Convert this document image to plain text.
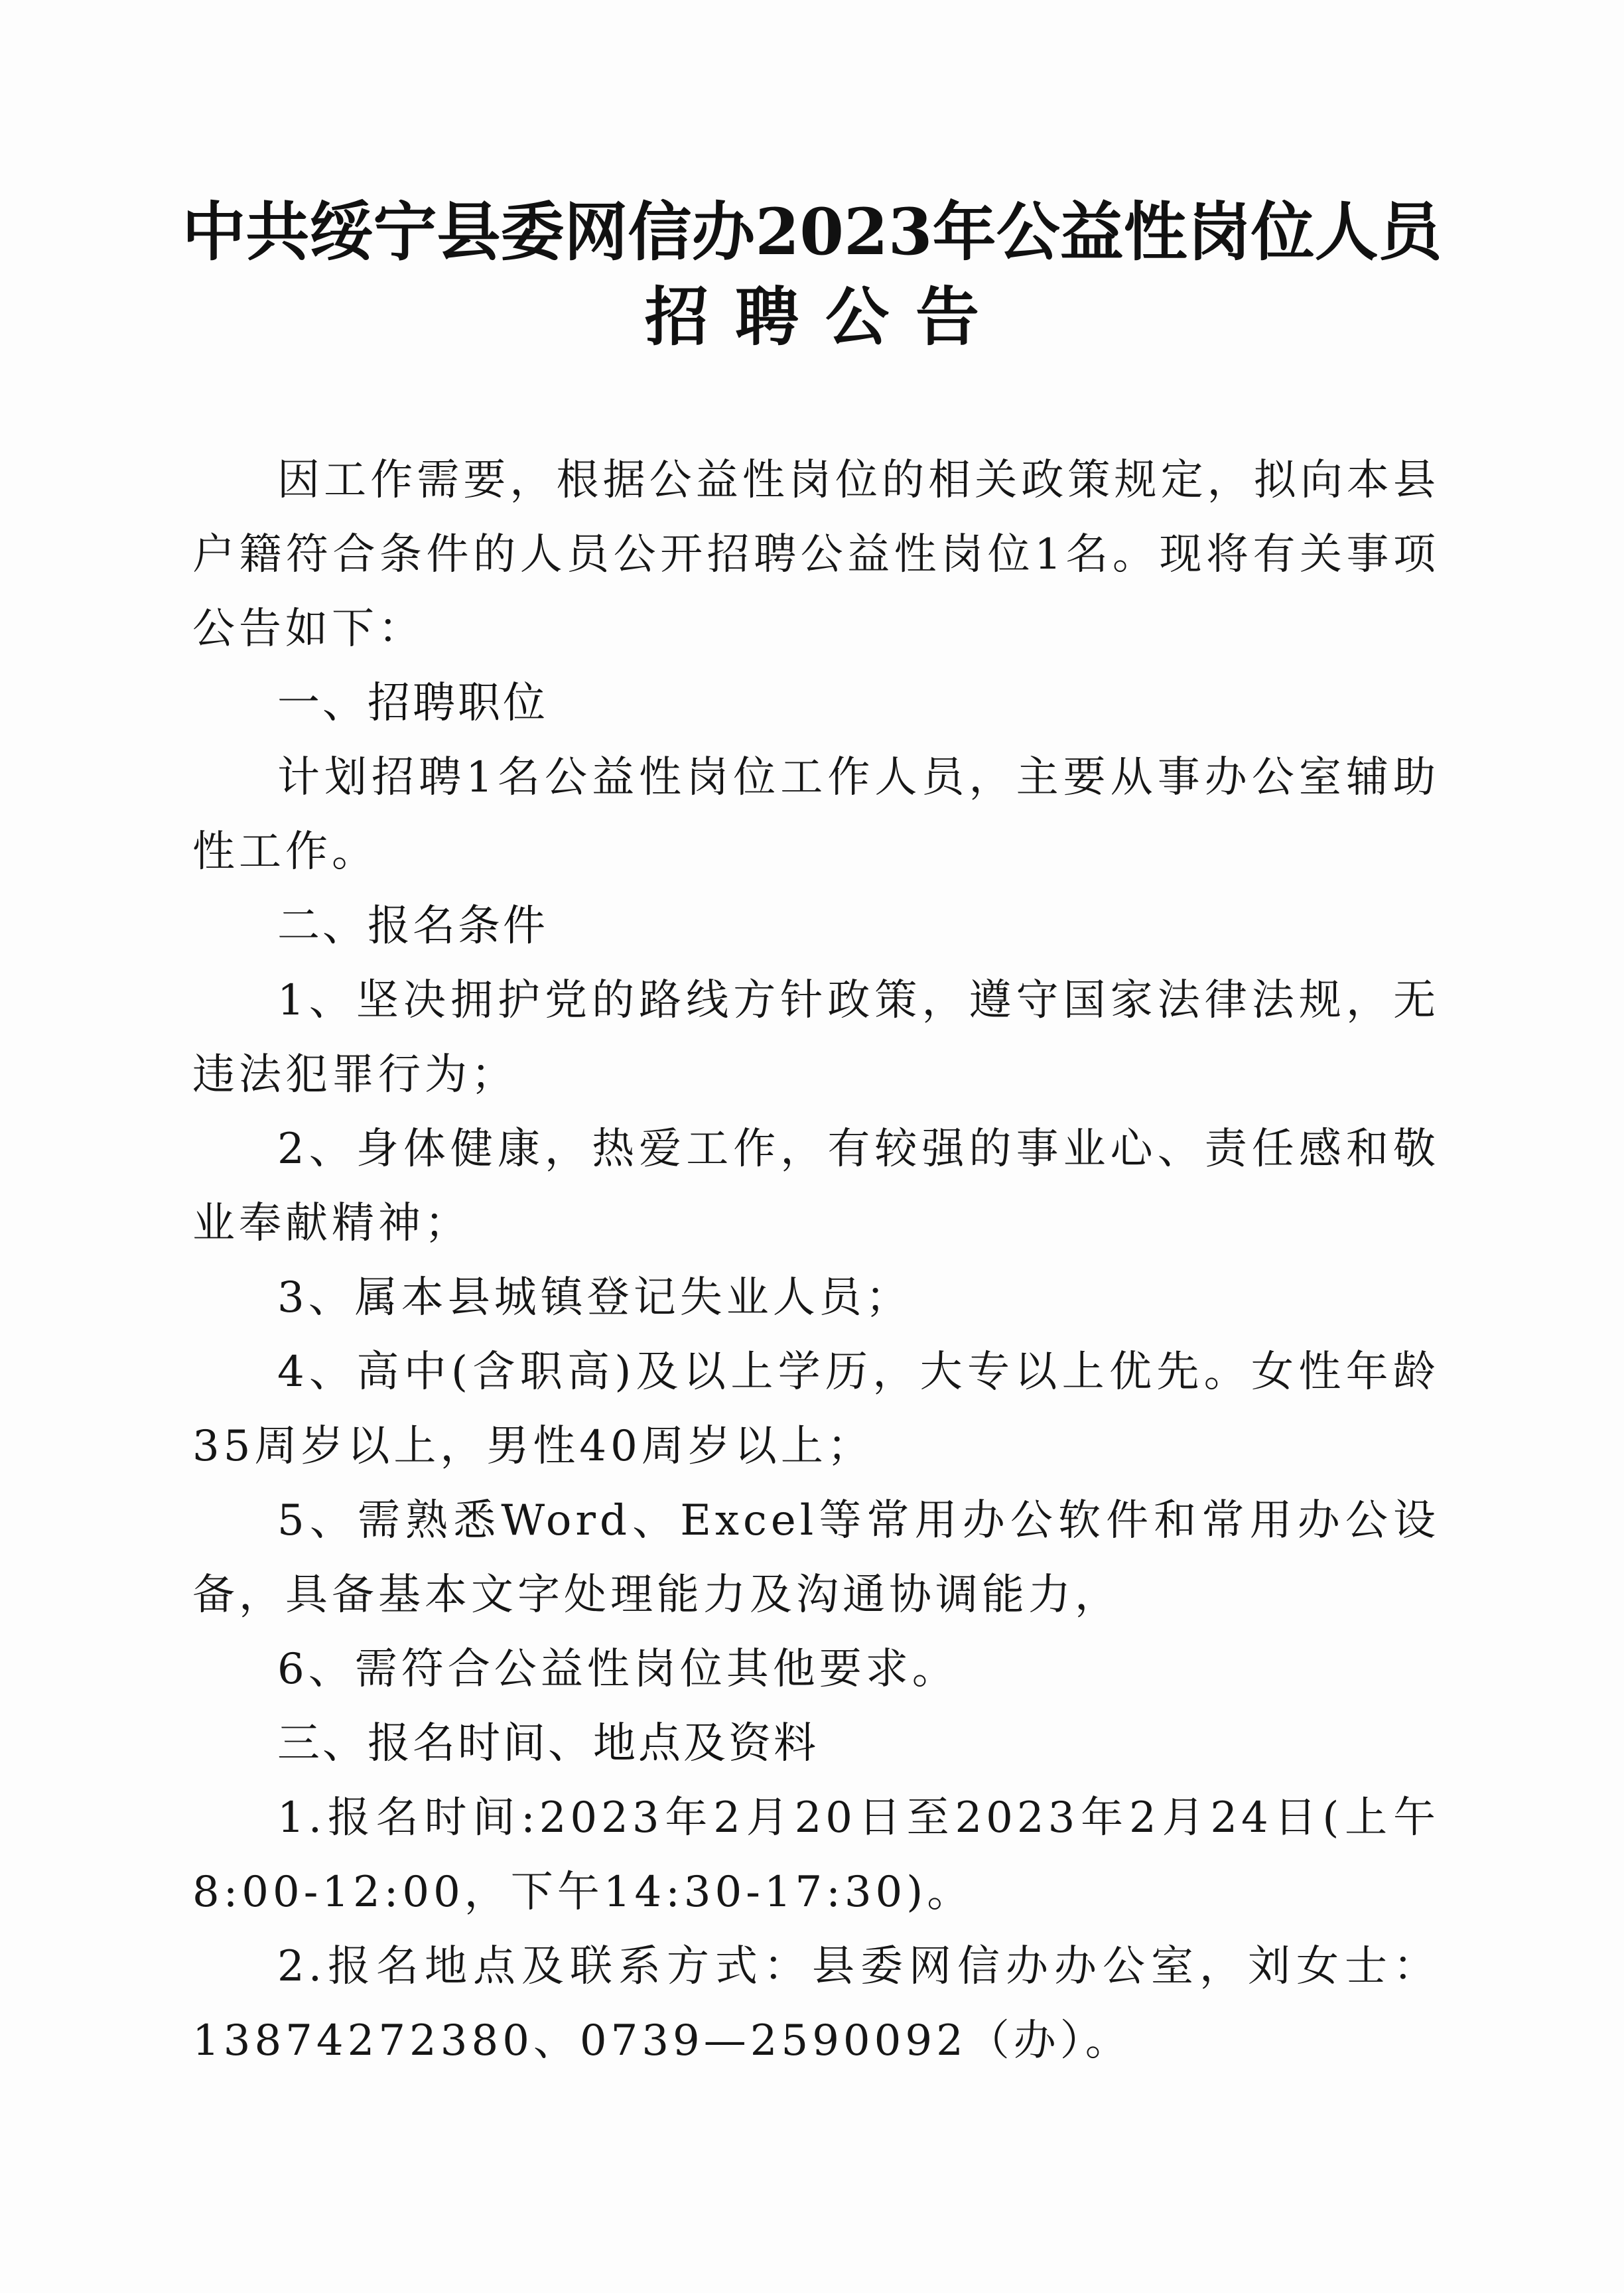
中共绥宁县委网信办2023年公益性岗位人员
招聘公告

因工作需要，根据公益性岗位的相关政策规定，拟向本县户籍符合条件的人员公开招聘公益性岗位1名。现将有关事项公告如下：

一、招聘职位

计划招聘1名公益性岗位工作人员，主要从事办公室辅助性工作。

二、报名条件

1、坚决拥护党的路线方针政策，遵守国家法律法规，无违法犯罪行为；

2、身体健康，热爱工作，有较强的事业心、责任感和敬业奉献精神；

3、属本县城镇登记失业人员；

4、高中(含职高)及以上学历，大专以上优先。女性年龄35周岁以上，男性40周岁以上；

5、需熟悉Word、Excel等常用办公软件和常用办公设备，具备基本文字处理能力及沟通协调能力，

6、需符合公益性岗位其他要求。

三、报名时间、地点及资料

1.报名时间:2023年2月20日至2023年2月24日(上午8:00-12:00，下午14:30-17:30)。

2.报名地点及联系方式：县委网信办办公室，刘女士：13874272380、0739—2590092（办）。
